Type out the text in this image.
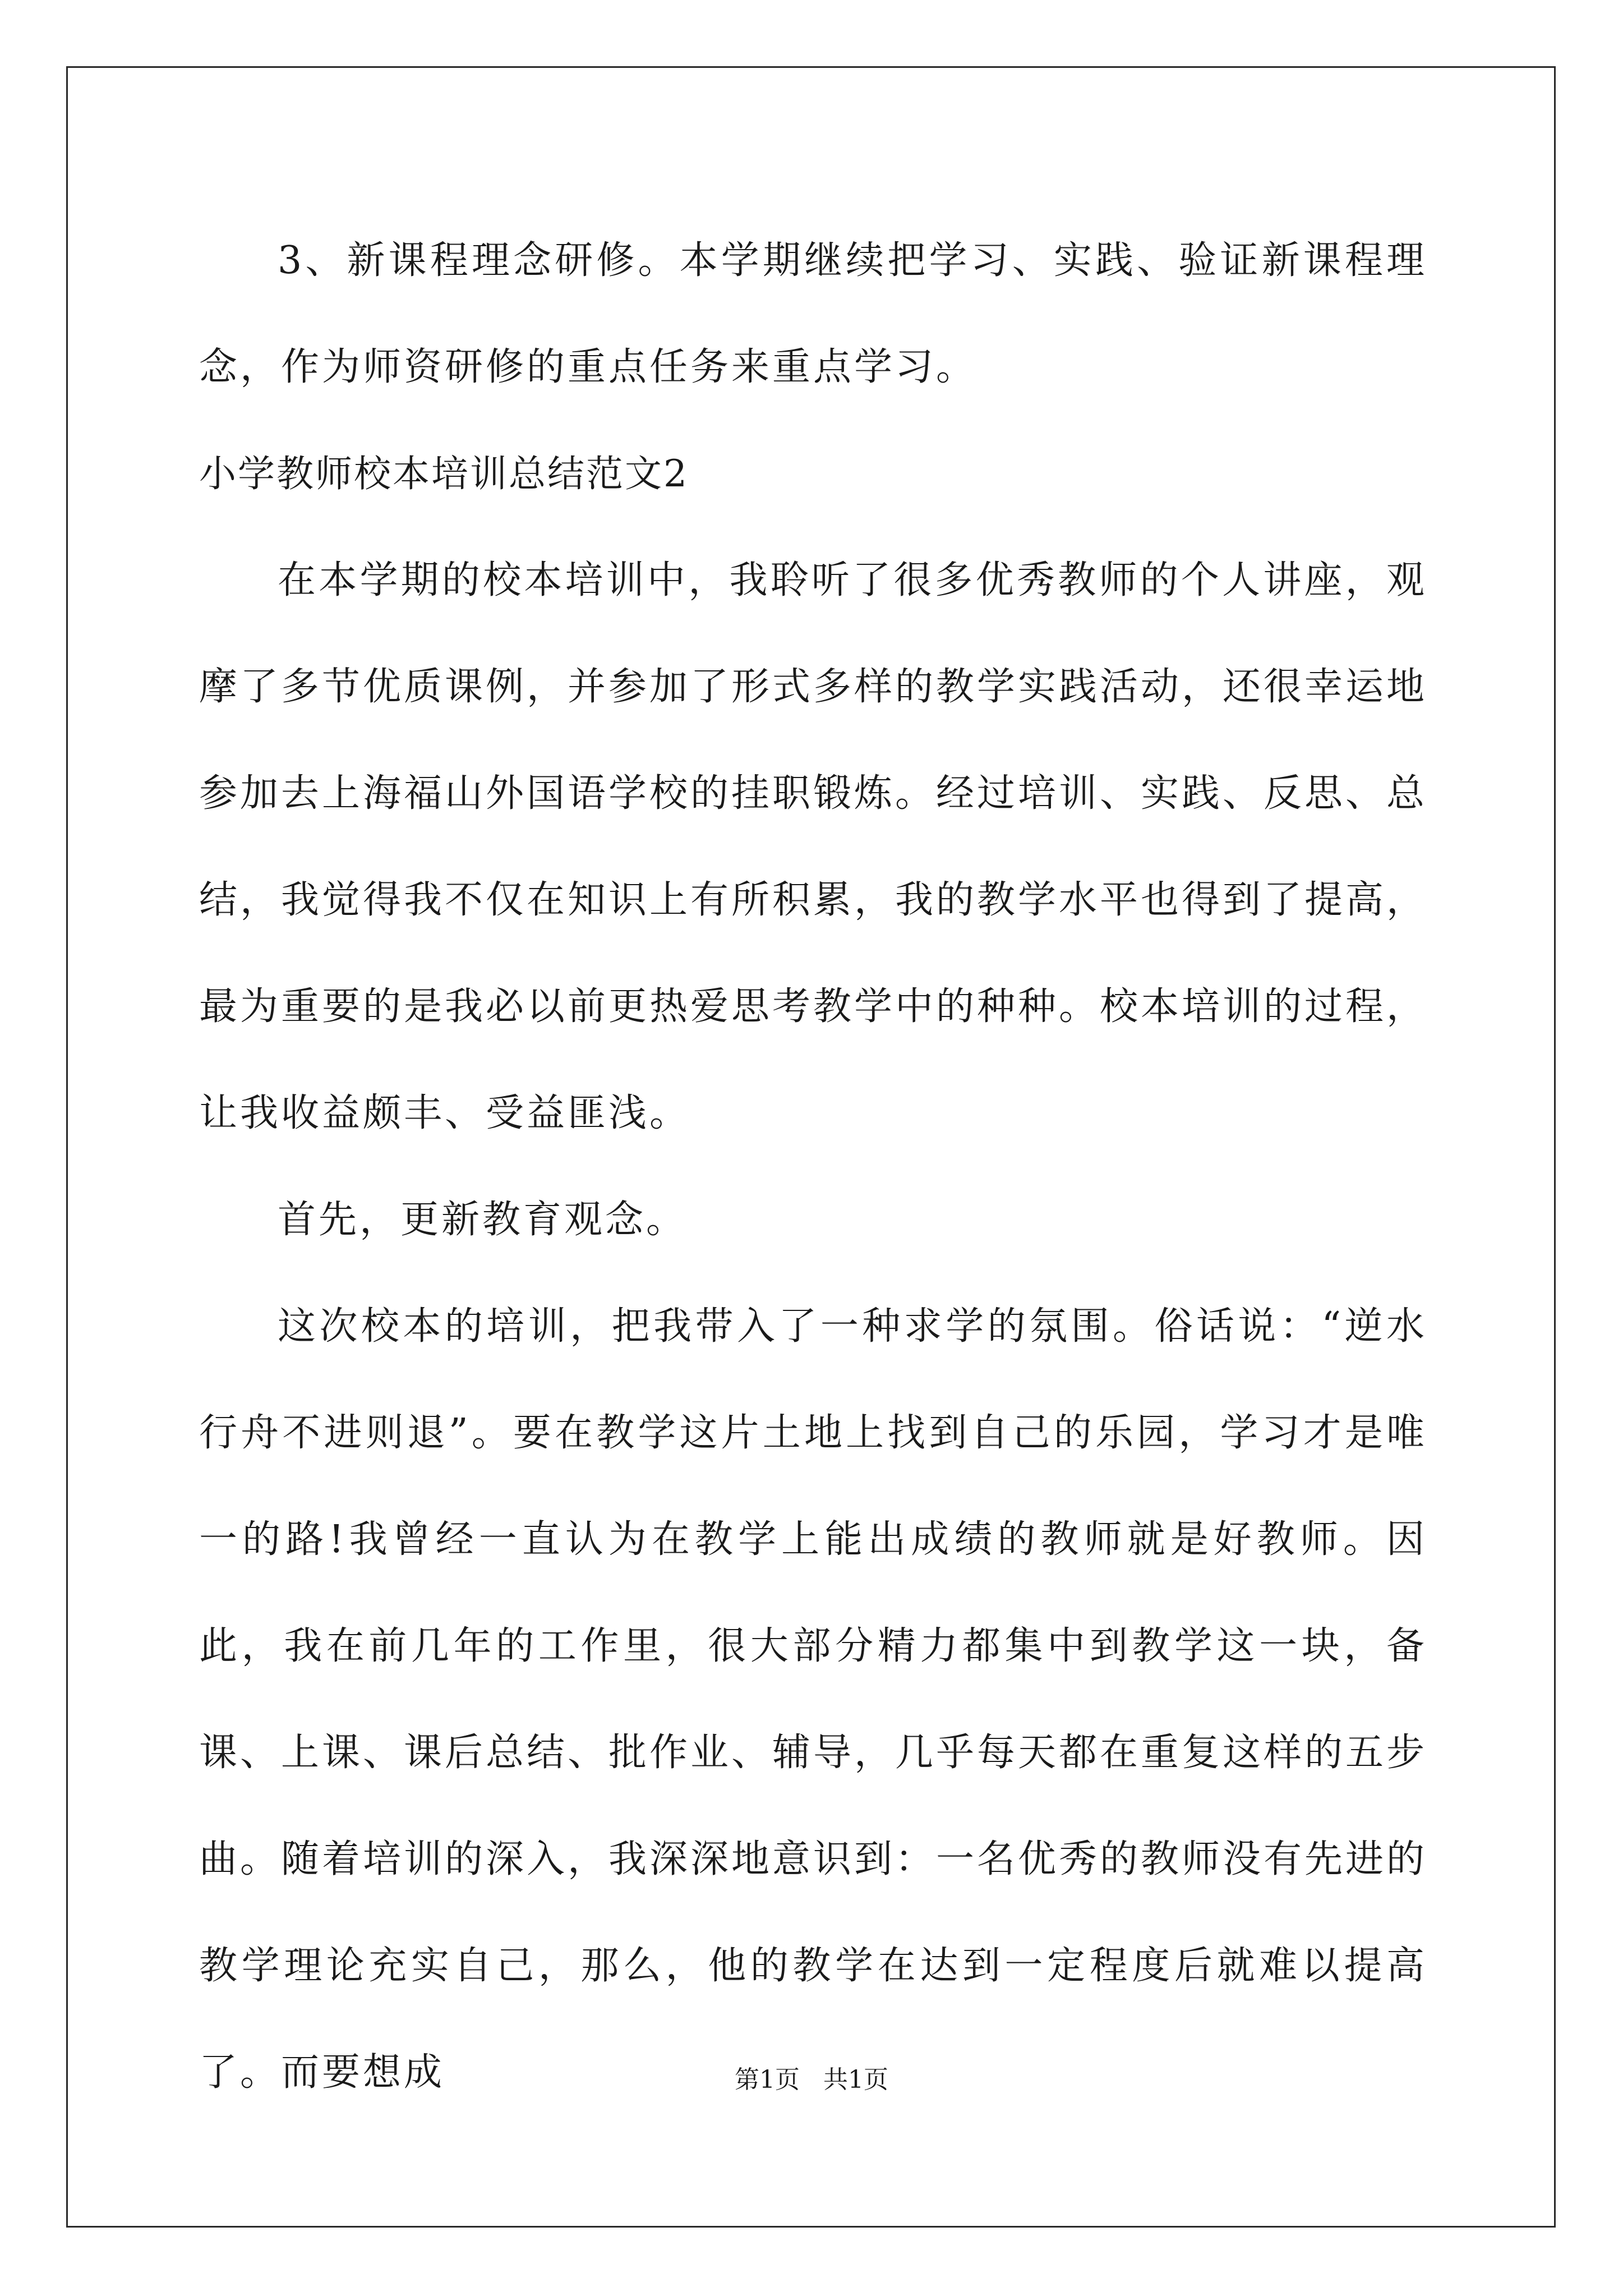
3、新课程理念研修。本学期继续把学习、实践、验证新课程理念，作为师资研修的重点任务来重点学习。

小学教师校本培训总结范文2

在本学期的校本培训中，我聆听了很多优秀教师的个人讲座，观摩了多节优质课例，并参加了形式多样的教学实践活动，还很幸运地参加去上海福山外国语学校的挂职锻炼。经过培训、实践、反思、总结，我觉得我不仅在知识上有所积累，我的教学水平也得到了提高，最为重要的是我必以前更热爱思考教学中的种种。校本培训的过程，让我收益颇丰、受益匪浅。

首先，更新教育观念。

这次校本的培训，把我带入了一种求学的氛围。俗话说：“逆水行舟不进则退”。要在教学这片土地上找到自己的乐园，学习才是唯一的路!我曾经一直认为在教学上能出成绩的教师就是好教师。因此，我在前几年的工作里，很大部分精力都集中到教学这一块，备课、上课、课后总结、批作业、辅导，几乎每天都在重复这样的五步曲。随着培训的深入，我深深地意识到：一名优秀的教师没有先进的教学理论充实自己，那么，他的教学在达到一定程度后就难以提高了。而要想成	第1页 共1页
